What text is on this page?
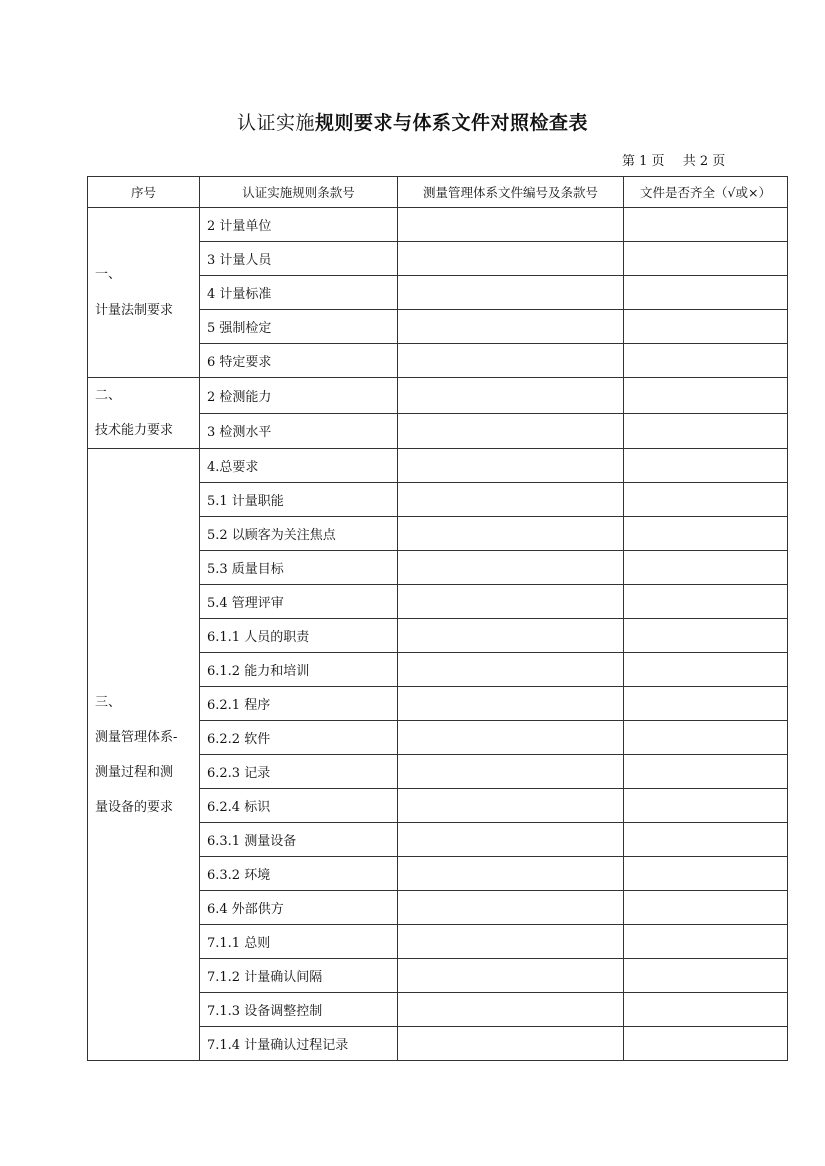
认证实施规则要求与体系文件对照检查表
第 1 页 共 2 页
序号	认证实施规则条款号	测量管理体系文件编号及条款号	文件是否齐全（√或×）

一、
计量法制要求	2 计量单位		
	3 计量人员		
	4 计量标准		
	5 强制检定		
	6 特定要求		

二、
技术能力要求	2 检测能力		
	3 检测水平		

三、
测量管理体系-
测量过程和测
量设备的要求	4.总要求		
	5.1 计量职能		
	5.2 以顾客为关注焦点		
	5.3 质量目标		
	5.4 管理评审		
	6.1.1 人员的职责		
	6.1.2 能力和培训		
	6.2.1 程序		
	6.2.2 软件		
	6.2.3 记录		
	6.2.4 标识		
	6.3.1 测量设备		
	6.3.2 环境		
	6.4 外部供方		
	7.1.1 总则		
	7.1.2 计量确认间隔		
	7.1.3 设备调整控制		
	7.1.4 计量确认过程记录		
